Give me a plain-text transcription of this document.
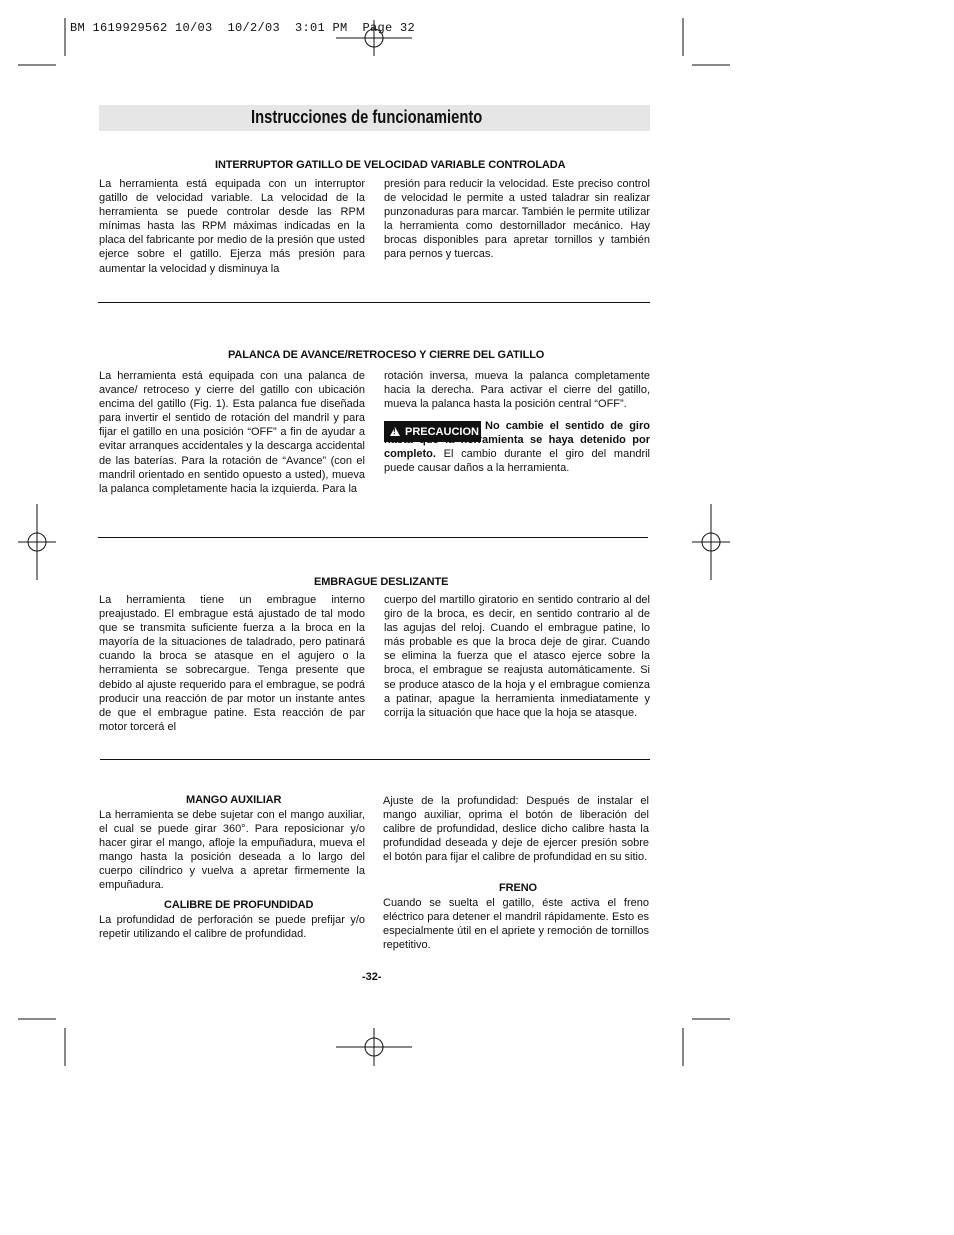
BM 1619929562 10/03  10/2/03  3:01 PM  Page 32
Instrucciones de funcionamiento
INTERRUPTOR GATILLO DE VELOCIDAD VARIABLE CONTROLADA
La herramienta está equipada con un interruptor gatillo de velocidad variable. La velocidad de la herramienta se puede controlar desde las RPM mínimas hasta las RPM máximas indicadas en la placa del fabricante por medio de la presión que usted ejerce sobre el gatillo. Ejerza más presión para aumentar la velocidad y disminuya la
presión para reducir la velocidad. Este preciso control de velocidad le permite a usted taladrar sin realizar punzonaduras para marcar. También le permite utilizar la herramienta como destornillador mecánico. Hay brocas disponibles para apretar tornillos y también para pernos y tuercas.
PALANCA DE AVANCE/RETROCESO Y CIERRE DEL GATILLO
La herramienta está equipada con una palanca de avance/ retroceso y cierre del gatillo con ubicación encima del gatillo (Fig. 1). Esta palanca fue diseñada para invertir el sentido de rotación del mandril y para fijar el gatillo en una posición “OFF” a fin de ayudar a evitar arranques accidentales y la descarga accidental de las baterías. Para la rotación de “Avance” (con el mandril orientado en sentido opuesto a usted), mueva la palanca completamente hacia la izquierda. Para la
rotación inversa, mueva la palanca completamente hacia la derecha. Para activar el cierre del gatillo, mueva la palanca hasta la posición central “OFF”.
!
PRECAUCION No cambie el sentido de giro hasta que la herramienta se haya detenido por completo. El cambio durante el giro del mandril puede causar daños a la herramienta.
EMBRAGUE DESLIZANTE
La herramienta tiene un embrague interno preajustado. El embrague está ajustado de tal modo que se transmita suficiente fuerza a la broca en la mayoría de la situaciones de taladrado, pero patinará cuando la broca se atasque en el agujero o la herramienta se sobrecargue. Tenga presente que debido al ajuste requerido para el embrague, se podrá producir una reacción de par motor un instante antes de que el embrague patine. Esta reacción de par motor torcerá el
cuerpo del martillo giratorio en sentido contrario al del giro de la broca, es decir, en sentido contrario al de las agujas del reloj. Cuando el embrague patine, lo más probable es que la broca deje de girar. Cuando se elimina la fuerza que el atasco ejerce sobre la broca, el embrague se reajusta automáticamente. Si se produce atasco de la hoja y el embrague comienza a patinar, apague la herramienta inmediatamente y corrija la situación que hace que la hoja se atasque.
MANGO AUXILIAR
La herramienta se debe sujetar con el mango auxiliar, el cual se puede girar 360°. Para reposicionar y/o hacer girar el mango, afloje la empuñadura, mueva el mango hasta la posición deseada a lo largo del cuerpo cilíndrico y vuelva a apretar firmemente la empuñadura.
CALIBRE DE PROFUNDIDAD
La profundidad de perforación se puede prefijar y/o repetir utilizando el calibre de profundidad.
Ajuste de la profundidad: Después de instalar el mango auxiliar, oprima el botón de liberación del calibre de profundidad, deslice dicho calibre hasta la profundidad deseada y deje de ejercer presión sobre el botón para fijar el calibre de profundidad en su sitio.
FRENO
Cuando se suelta el gatillo, éste activa el freno eléctrico para detener el mandril rápidamente. Esto es especialmente útil en el apriete y remoción de tornillos repetitivo.
-32-
